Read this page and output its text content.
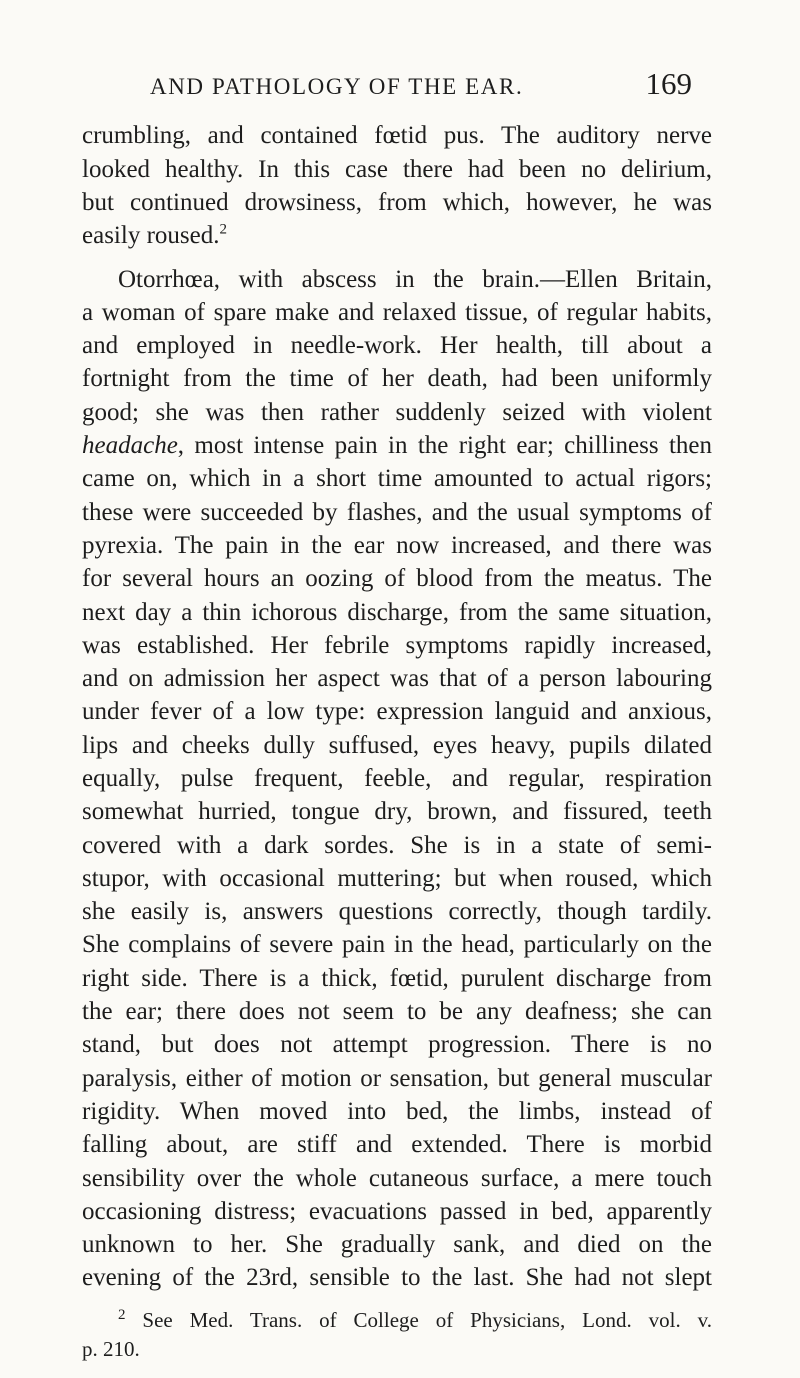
AND PATHOLOGY OF THE EAR.	169
crumbling, and contained fœtid pus. The auditory nerve
looked healthy. In this case there had been no delirium,
but continued drowsiness, from which, however, he was
easily roused.$^2$
Otorrhœa, with abscess in the brain.—Ellen Britain,
a woman of spare make and relaxed tissue, of regular habits,
and employed in needle-work. Her health, till about a
fortnight from the time of her death, had been uniformly
good; she was then rather suddenly seized with violent
headache, most intense pain in the right ear; chilliness then
came on, which in a short time amounted to actual rigors;
these were succeeded by flashes, and the usual symptoms of
pyrexia. The pain in the ear now increased, and there was
for several hours an oozing of blood from the meatus. The
next day a thin ichorous discharge, from the same situation,
was established. Her febrile symptoms rapidly increased,
and on admission her aspect was that of a person labouring
under fever of a low type: expression languid and anxious,
lips and cheeks dully suffused, eyes heavy, pupils dilated
equally, pulse frequent, feeble, and regular, respiration
somewhat hurried, tongue dry, brown, and fissured, teeth
covered with a dark sordes. She is in a state of semi-
stupor, with occasional muttering; but when roused, which
she easily is, answers questions correctly, though tardily.
She complains of severe pain in the head, particularly on the
right side. There is a thick, fœtid, purulent discharge from
the ear; there does not seem to be any deafness; she can
stand, but does not attempt progression. There is no
paralysis, either of motion or sensation, but general muscular
rigidity. When moved into bed, the limbs, instead of
falling about, are stiff and extended. There is morbid
sensibility over the whole cutaneous surface, a mere touch
occasioning distress; evacuations passed in bed, apparently
unknown to her. She gradually sank, and died on the
evening of the 23rd, sensible to the last. She had not slept
$^2$ See Med. Trans. of College of Physicians, Lond. vol. v.
p. 210.
